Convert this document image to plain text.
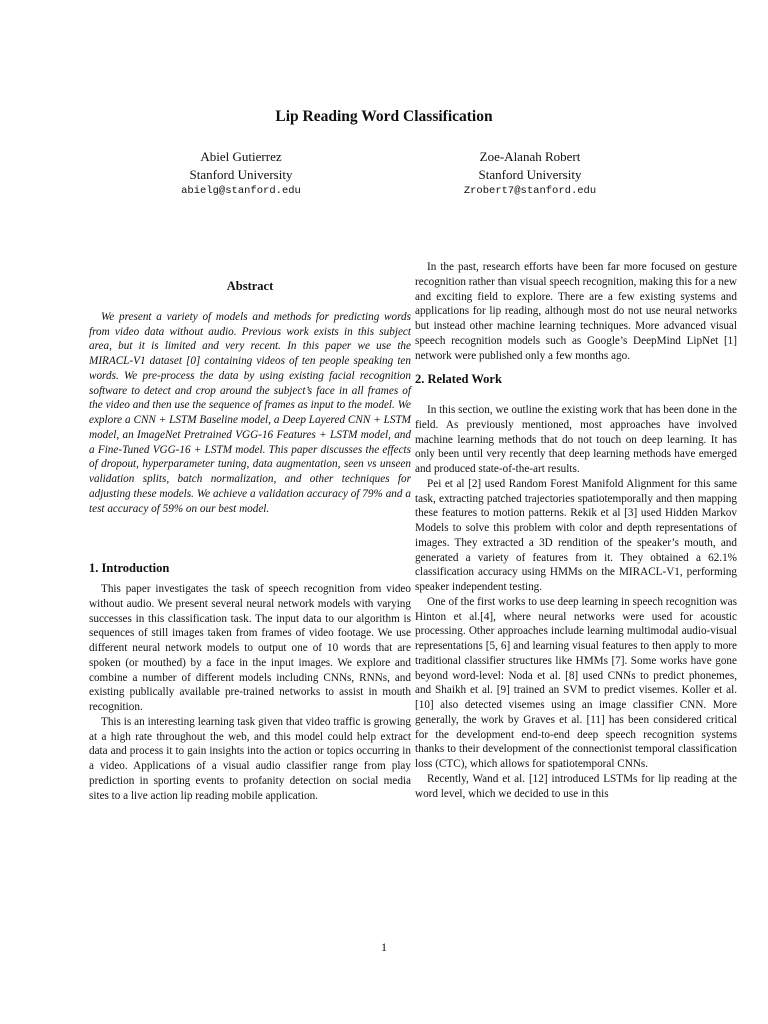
Lip Reading Word Classification
Abiel Gutierrez
Stanford University
abielg@stanford.edu
Zoe-Alanah Robert
Stanford University
Zrobert7@stanford.edu
Abstract

We present a variety of models and methods for predicting words from video data without audio. Previous work exists in this subject area, but it is limited and very recent. In this paper we use the MIRACL-V1 dataset [0] containing videos of ten people speaking ten words. We pre-process the data by using existing facial recognition software to detect and crop around the subject’s face in all frames of the video and then use the sequence of frames as input to the model. We explore a CNN + LSTM Baseline model, a Deep Layered CNN + LSTM model, an ImageNet Pretrained VGG-16 Features + LSTM model, and a Fine-Tuned VGG-16 + LSTM model. This paper discusses the effects of dropout, hyperparameter tuning, data augmentation, seen vs unseen validation splits, batch normalization, and other techniques for adjusting these models. We achieve a validation accuracy of 79% and a test accuracy of 59% on our best model.

1. Introduction

This paper investigates the task of speech recognition from video without audio. We present several neural network models with varying successes in this classification task. The input data to our algorithm is sequences of still images taken from frames of video footage. We use different neural network models to output one of 10 words that are spoken (or mouthed) by a face in the input images. We explore and combine a number of different models including CNNs, RNNs, and existing publically available pre-trained networks to assist in mouth recognition.

This is an interesting learning task given that video traffic is growing at a high rate throughout the web, and this model could help extract data and process it to gain insights into the action or topics occurring in a video. Applications of a visual audio classifier range from play prediction in sporting events to profanity detection on social media sites to a live action lip reading mobile application.

In the past, research efforts have been far more focused on gesture recognition rather than visual speech recognition, making this for a new and exciting field to explore. There are a few existing systems and applications for lip reading, although most do not use neural networks but instead other machine learning techniques. More advanced visual speech recognition models such as Google’s DeepMind LipNet [1] network were published only a few months ago.

2. Related Work

In this section, we outline the existing work that has been done in the field. As previously mentioned, most approaches have involved machine learning methods that do not touch on deep learning. It has only been until very recently that deep learning methods have emerged and produced state-of-the-art results.

Pei et al [2] used Random Forest Manifold Alignment for this same task, extracting patched trajectories spatiotemporally and then mapping these features to motion patterns. Rekik et al [3] used Hidden Markov Models to solve this problem with color and depth representations of images. They extracted a 3D rendition of the speaker’s mouth, and generated a variety of features from it. They obtained a 62.1% classification accuracy using HMMs on the MIRACL-V1, performing speaker independent testing.

One of the first works to use deep learning in speech recognition was Hinton et al.[4], where neural networks were used for acoustic processing. Other approaches include learning multimodal audio-visual representations [5, 6] and learning visual features to then apply to more traditional classifier structures like HMMs [7]. Some works have gone beyond word-level: Noda et al. [8] used CNNs to predict phonemes, and Shaikh et al. [9] trained an SVM to predict visemes. Koller et al. [10] also detected visemes using an image classifier CNN. More generally, the work by Graves et al. [11] has been considered critical for the development end-to-end deep speech recognition systems thanks to their development of the connectionist temporal classification loss (CTC), which allows for spatiotemporal CNNs.

Recently, Wand et al. [12] introduced LSTMs for lip reading at the word level, which we decided to use in this

1
